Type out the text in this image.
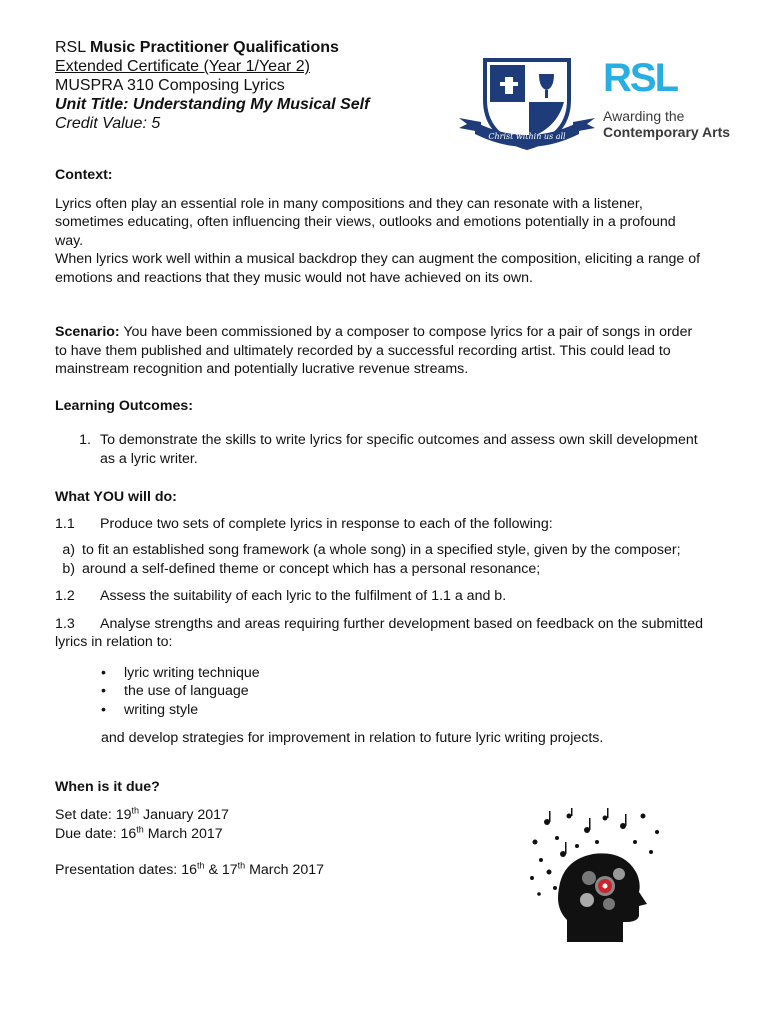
RSL Music Practitioner Qualifications
Extended Certificate (Year 1/Year 2)
MUSPRA 310 Composing Lyrics
Unit Title: Understanding My Musical Self
Credit Value: 5
Christ within us all
RSL
Awarding the
Contemporary Arts

Context:

Lyrics often play an essential role in many compositions and they can resonate with a listener, sometimes educating, often influencing their views, outlooks and emotions potentially in a profound way.

When lyrics work well within a musical backdrop they can augment the composition, eliciting a range of emotions and reactions that they music would not have achieved on its own.

Scenario: You have been commissioned by a composer to compose lyrics for a pair of songs in order to have them published and ultimately recorded by a successful recording artist. This could lead to mainstream recognition and potentially lucrative revenue streams.

Learning Outcomes:

1. To demonstrate the skills to write lyrics for specific outcomes and assess own skill development as a lyric writer.

What YOU will do:

1.1	Produce two sets of complete lyrics in response to each of the following:
a) to fit an established song framework (a whole song) in a specified style, given by the composer;
b) around a self-defined theme or concept which has a personal resonance;
1.2	Assess the suitability of each lyric to the fulfilment of 1.1 a and b.

1.3 Analyse strengths and areas requiring further development based on feedback on the submitted lyrics in relation to:

•	lyric writing technique
•	the use of language
•	writing style

and develop strategies for improvement in relation to future lyric writing projects.

When is it due?

Set date: 19th January 2017

Due date: 16th March 2017

Presentation dates: 16th & 17th March 2017
